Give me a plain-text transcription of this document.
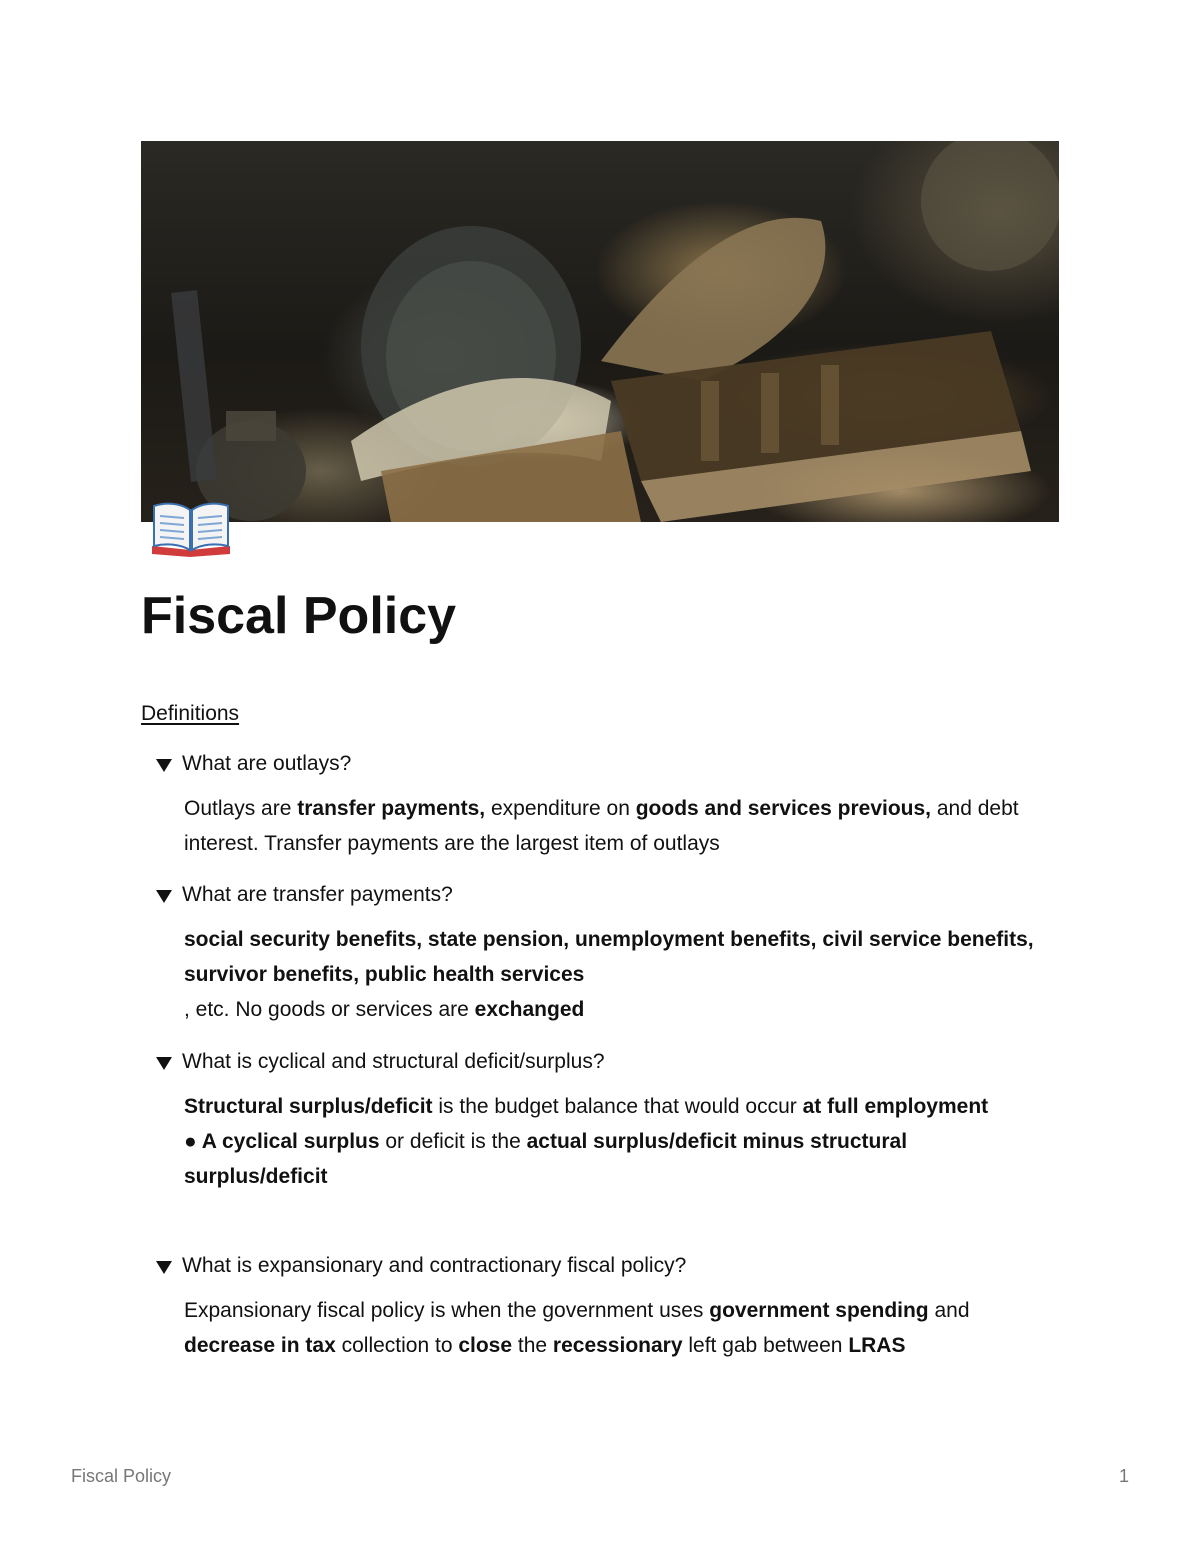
Fiscal Policy
Definitions
What are outlays?
Outlays are transfer payments, expenditure on goods and services previous, and debt interest. Transfer payments are the largest item of outlays
What are transfer payments?
social security benefits, state pension, unemployment benefits, civil service benefits, survivor benefits, public health services
, etc. No goods or services are exchanged
What is cyclical and structural deficit/surplus?
Structural surplus/deficit is the budget balance that would occur at full employment
● A cyclical surplus or deficit is the actual surplus/deficit minus structural surplus/deficit
What is expansionary and contractionary fiscal policy?
Expansionary fiscal policy is when the government uses government spending and decrease in tax collection to close the recessionary left gab between LRAS
Fiscal Policy	1
